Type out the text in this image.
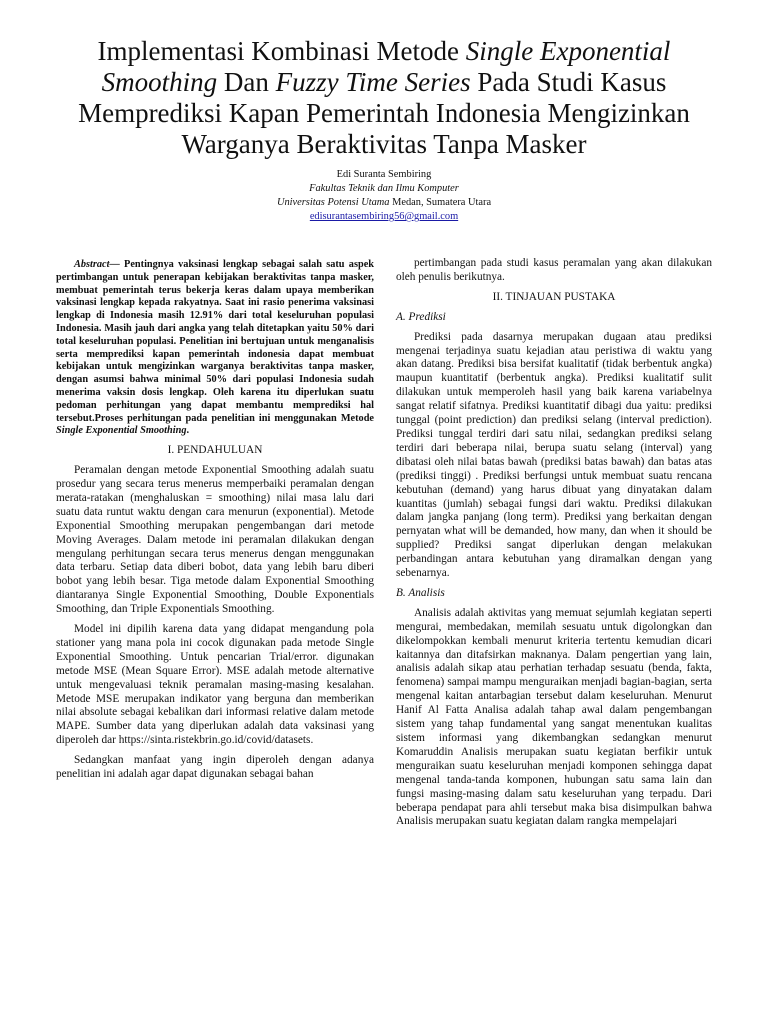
Implementasi Kombinasi Metode Single Exponential Smoothing Dan Fuzzy Time Series Pada Studi Kasus Memprediksi Kapan Pemerintah Indonesia Mengizinkan Warganya Beraktivitas Tanpa Masker
Edi Suranta Sembiring
Fakultas Teknik dan Ilmu Komputer
Universitas Potensi Utama Medan, Sumatera Utara
edisurantasembiring56@gmail.com

Abstract— Pentingnya vaksinasi lengkap sebagai salah satu aspek pertimbangan untuk penerapan kebijakan beraktivitas tanpa masker, membuat pemerintah terus bekerja keras dalam upaya memberikan vaksinasi lengkap kepada rakyatnya. Saat ini rasio penerima vaksinasi lengkap di Indonesia masih 12.91% dari total keseluruhan populasi Indonesia. Masih jauh dari angka yang telah ditetapkan yaitu 50% dari total keseluruhan populasi. Penelitian ini bertujuan untuk menganalisis serta memprediksi kapan pemerintah indonesia dapat membuat kebijakan untuk mengizinkan warganya beraktivitas tanpa masker, dengan asumsi bahwa minimal 50% dari populasi Indonesia sudah menerima vaksin dosis lengkap. Oleh karena itu diperlukan suatu pedoman perhitungan yang dapat membantu memprediksi hal tersebut.Proses perhitungan pada penelitian ini menggunakan Metode Single Exponential Smoothing.

I. PENDAHULUAN

Peramalan dengan metode Exponential Smoothing adalah suatu prosedur yang secara terus menerus memperbaiki peramalan dengan merata-ratakan (menghaluskan = smoothing) nilai masa lalu dari suatu data runtut waktu dengan cara menurun (exponential). Metode Exponential Smoothing merupakan pengembangan dari metode Moving Averages. Dalam metode ini peramalan dilakukan dengan mengulang perhitungan secara terus menerus dengan menggunakan data terbaru. Setiap data diberi bobot, data yang lebih baru diberi bobot yang lebih besar. Tiga metode dalam Exponential Smoothing diantaranya Single Exponential Smoothing, Double Exponentials Smoothing, dan Triple Exponentials Smoothing.

Model ini dipilih karena data yang didapat mengandung pola stationer yang mana pola ini cocok digunakan pada metode Single Exponential Smoothing. Untuk pencarian Trial/error. digunakan metode MSE (Mean Square Error). MSE adalah metode alternative untuk mengevaluasi teknik peramalan masing-masing kesalahan. Metode MSE merupakan indikator yang berguna dan memberikan nilai absolute sebagai kebalikan dari informasi relative dalam metode MAPE. Sumber data yang diperlukan adalah data vaksinasi yang diperoleh dar https://sinta.ristekbrin.go.id/covid/datasets.

Sedangkan manfaat yang ingin diperoleh dengan adanya penelitian ini adalah agar dapat digunakan sebagai bahan

pertimbangan pada studi kasus peramalan yang akan dilakukan oleh penulis berikutnya.

II. TINJAUAN PUSTAKA

A. Prediksi

Prediksi pada dasarnya merupakan dugaan atau prediksi mengenai terjadinya suatu kejadian atau peristiwa di waktu yang akan datang. Prediksi bisa bersifat kualitatif (tidak berbentuk angka) maupun kuantitatif (berbentuk angka). Prediksi kualitatif sulit dilakukan untuk memperoleh hasil yang baik karena variabelnya sangat relatif sifatnya. Prediksi kuantitatif dibagi dua yaitu: prediksi tunggal (point prediction) dan prediksi selang (interval prediction). Prediksi tunggal terdiri dari satu nilai, sedangkan prediksi selang terdiri dari beberapa nilai, berupa suatu selang (interval) yang dibatasi oleh nilai batas bawah (prediksi batas bawah) dan batas atas (prediksi tinggi) . Prediksi berfungsi untuk membuat suatu rencana kebutuhan (demand) yang harus dibuat yang dinyatakan dalam kuantitas (jumlah) sebagai fungsi dari waktu. Prediksi dilakukan dalam jangka panjang (long term). Prediksi yang berkaitan dengan pernyatan what will be demanded, how many, dan when it should be supplied? Prediksi sangat diperlukan dengan melakukan perbandingan antara kebutuhan yang diramalkan dengan yang sebenarnya.

B. Analisis

Analisis adalah aktivitas yang memuat sejumlah kegiatan seperti mengurai, membedakan, memilah sesuatu untuk digolongkan dan dikelompokkan kembali menurut kriteria tertentu kemudian dicari kaitannya dan ditafsirkan maknanya. Dalam pengertian yang lain, analisis adalah sikap atau perhatian terhadap sesuatu (benda, fakta, fenomena) sampai mampu menguraikan menjadi bagian-bagian, serta mengenal kaitan antarbagian tersebut dalam keseluruhan. Menurut Hanif Al Fatta Analisa adalah tahap awal dalam pengembangan sistem yang tahap fundamental yang sangat menentukan kualitas sistem informasi yang dikembangkan sedangkan menurut Komaruddin Analisis merupakan suatu kegiatan berfikir untuk menguraikan suatu keseluruhan menjadi komponen sehingga dapat mengenal tanda-tanda komponen, hubungan satu sama lain dan fungsi masing-masing dalam satu keseluruhan yang terpadu. Dari beberapa pendapat para ahli tersebut maka bisa disimpulkan bahwa Analisis merupakan suatu kegiatan dalam rangka mempelajari
